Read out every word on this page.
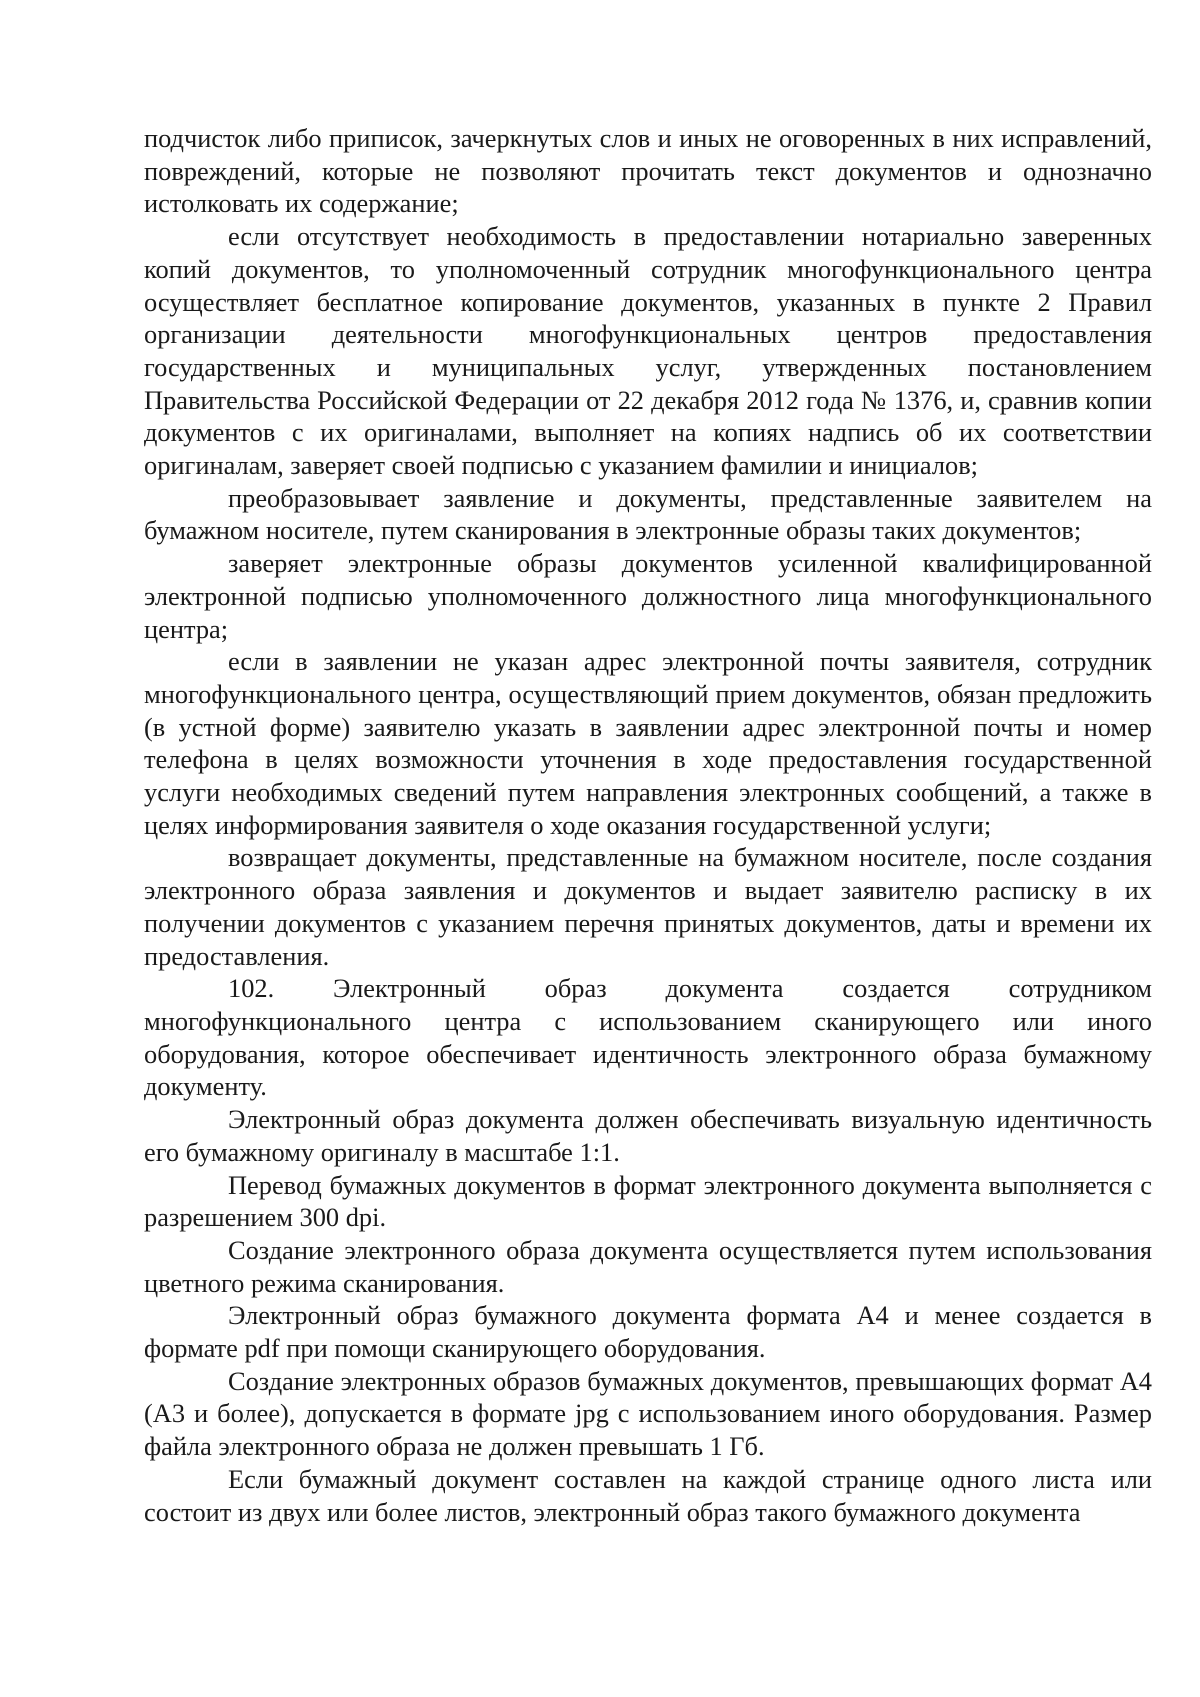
подчисток либо приписок, зачеркнутых слов и иных не оговоренных в них исправлений, повреждений, которые не позволяют прочитать текст документов и однозначно истолковать их содержание;

если отсутствует необходимость в предоставлении нотариально заверенных копий документов, то уполномоченный сотрудник многофункционального центра осуществляет бесплатное копирование документов, указанных в пункте 2 Правил организации деятельности многофункциональных центров предоставления государственных и муниципальных услуг, утвержденных постановлением Правительства Российской Федерации от 22 декабря 2012 года № 1376, и, сравнив копии документов с их оригиналами, выполняет на копиях надпись об их соответствии оригиналам, заверяет своей подписью с указанием фамилии и инициалов;

преобразовывает заявление и документы, представленные заявителем на бумажном носителе, путем сканирования в электронные образы таких документов;

заверяет электронные образы документов усиленной квалифицированной электронной подписью уполномоченного должностного лица многофункционального центра;

если в заявлении не указан адрес электронной почты заявителя, сотрудник многофункционального центра, осуществляющий прием документов, обязан предложить (в устной форме) заявителю указать в заявлении адрес электронной почты и номер телефона в целях возможности уточнения в ходе предоставления государственной услуги необходимых сведений путем направления электронных сообщений, а также в целях информирования заявителя о ходе оказания государственной услуги;

возвращает документы, представленные на бумажном носителе, после создания электронного образа заявления и документов и выдает заявителю расписку в их получении документов с указанием перечня принятых документов, даты и времени их предоставления.

102. Электронный образ документа создается сотрудником многофункционального центра с использованием сканирующего или иного оборудования, которое обеспечивает идентичность электронного образа бумажному документу.

Электронный образ документа должен обеспечивать визуальную идентичность его бумажному оригиналу в масштабе 1:1.

Перевод бумажных документов в формат электронного документа выполняется с разрешением 300 dpi.

Создание электронного образа документа осуществляется путем использования цветного режима сканирования.

Электронный образ бумажного документа формата А4 и менее создается в формате pdf при помощи сканирующего оборудования.

Создание электронных образов бумажных документов, превышающих формат А4 (А3 и более), допускается в формате jpg с использованием иного оборудования. Размер файла электронного образа не должен превышать 1 Гб.

Если бумажный документ составлен на каждой странице одного листа или состоит из двух или более листов, электронный образ такого бумажного документа
